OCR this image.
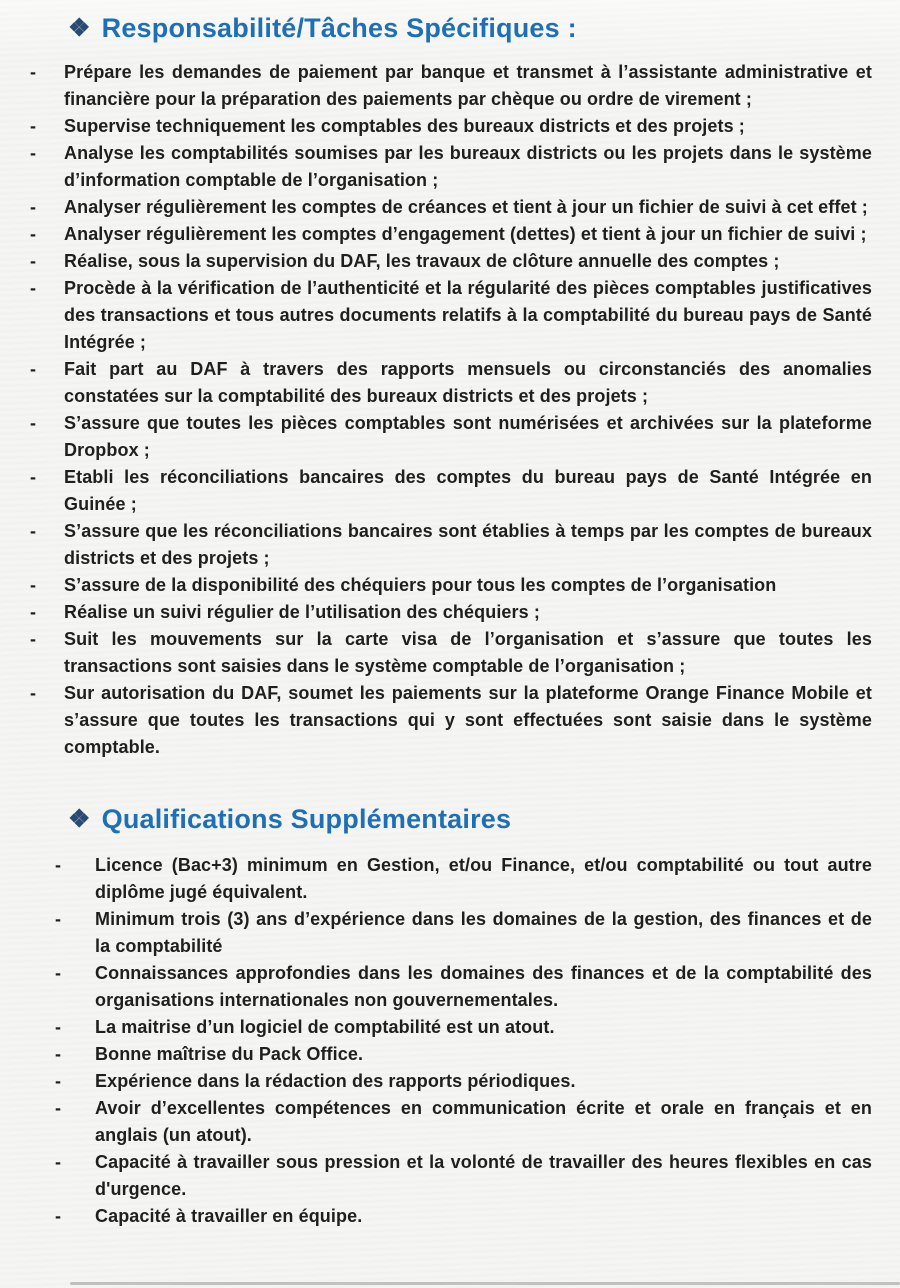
❖ Responsabilité/Tâches Spécifiques :
-	Prépare les demandes de paiement par banque et transmet à l’assistante administrative et financière pour la préparation des paiements par chèque ou ordre de virement ;
-	Supervise techniquement les comptables des bureaux districts et des projets ;
-	Analyse les comptabilités soumises par les bureaux districts ou les projets dans le système d’information comptable de l’organisation ;
-	Analyser régulièrement les comptes de créances et tient à jour un fichier de suivi à cet effet ;
-	Analyser régulièrement les comptes d’engagement (dettes) et tient à jour un fichier de suivi ;
-	Réalise, sous la supervision du DAF, les travaux de clôture annuelle des comptes ;
-	Procède à la vérification de l’authenticité et la régularité des pièces comptables justificatives des transactions et tous autres documents relatifs à la comptabilité du bureau pays de Santé Intégrée ;
-	Fait part au DAF à travers des rapports mensuels ou circonstanciés des anomalies constatées sur la comptabilité des bureaux districts et des projets ;
-	S’assure que toutes les pièces comptables sont numérisées et archivées sur la plateforme Dropbox ;
-	Etabli les réconciliations bancaires des comptes du bureau pays de Santé Intégrée en Guinée ;
-	S’assure que les réconciliations bancaires sont établies à temps par les comptes de bureaux districts et des projets ;
-	S’assure de la disponibilité des chéquiers pour tous les comptes de l’organisation
-	Réalise un suivi régulier de l’utilisation des chéquiers ;
-	Suit les mouvements sur la carte visa de l’organisation et s’assure que toutes les transactions sont saisies dans le système comptable de l’organisation ;
-	Sur autorisation du DAF, soumet les paiements sur la plateforme Orange Finance Mobile et s’assure que toutes les transactions qui y sont effectuées sont saisie dans le système comptable.
❖ Qualifications Supplémentaires
-	Licence (Bac+3) minimum en Gestion, et/ou Finance, et/ou comptabilité ou tout autre diplôme jugé équivalent.
-	Minimum trois (3) ans d’expérience dans les domaines de la gestion, des finances et de la comptabilité
-	Connaissances approfondies dans les domaines des finances et de la comptabilité des organisations internationales non gouvernementales.
-	La maitrise d’un logiciel de comptabilité est un atout.
-	Bonne maîtrise du Pack Office.
-	Expérience dans la rédaction des rapports périodiques.
-	Avoir d’excellentes compétences en communication écrite et orale en français et en anglais (un atout).
-	Capacité à travailler sous pression et la volonté de travailler des heures flexibles en cas d'urgence.
-	Capacité à travailler en équipe.
